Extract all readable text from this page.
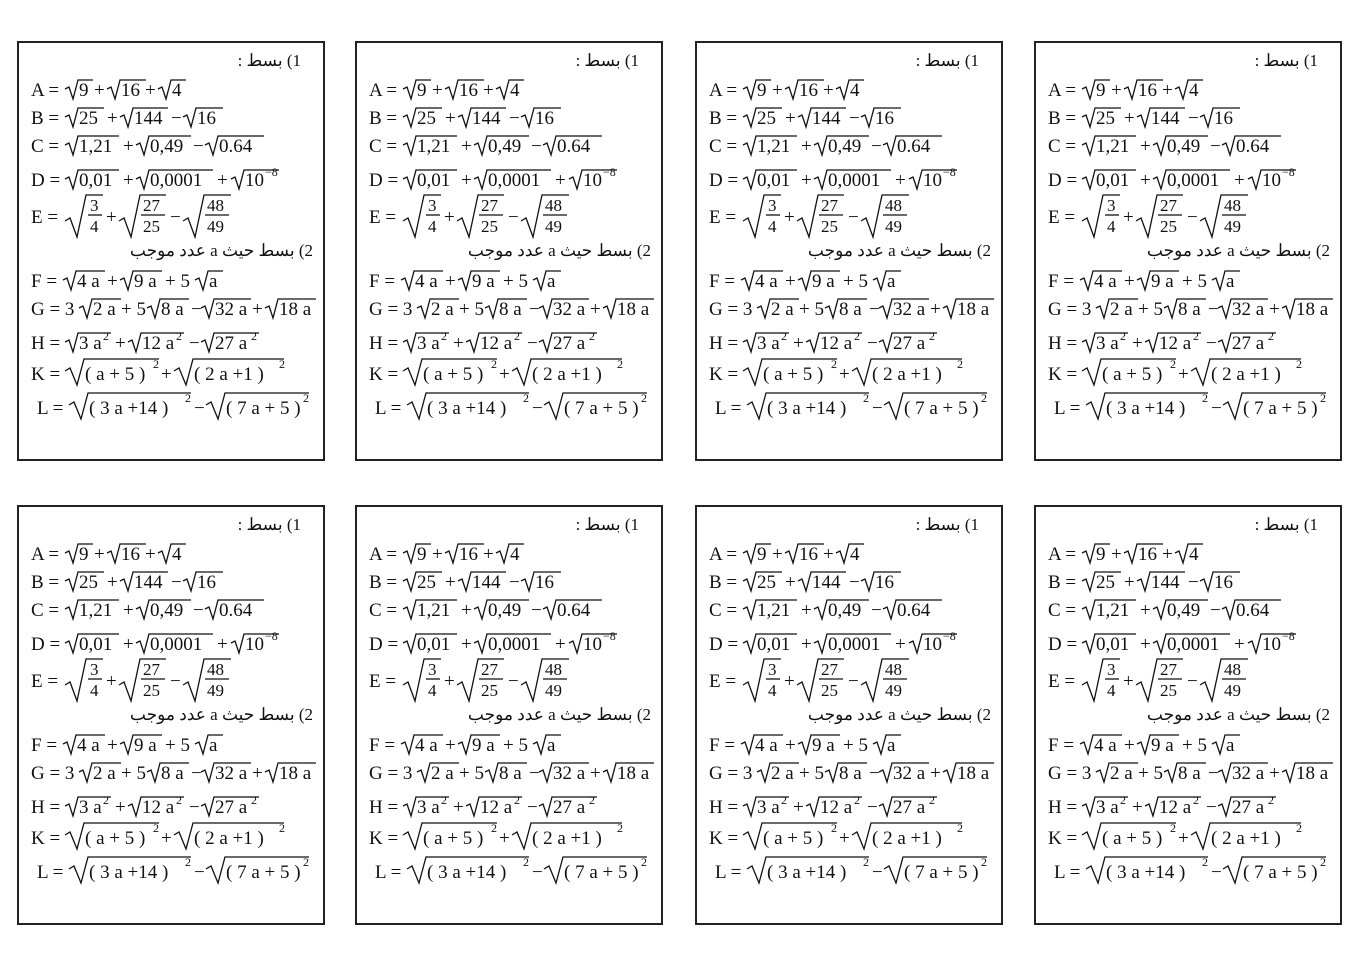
1) بسط :
A = 9 + 16 + 4
B = 25 + 144 − 16
C = 1,21 + 0,49 − 0.64
D = 0,01 + 0,0001 + 10 −8
E =
3
4 +
27
25 −
48
49
2) بسط حيث a عدد موجب
F = 4 a + 9 a + 5 a
G = 3 2 a + 5 8 a − 32 a + 18 a
H = 3 a 2 + 12 a 2 − 27 a 2
K = ( a + 5 ) 2 + ( 2 a +1 ) 2
L = ( 3 a +14 ) 2 − ( 7 a + 5 ) 2
1) بسط :
A = 9 + 16 + 4
B = 25 + 144 − 16
C = 1,21 + 0,49 − 0.64
D = 0,01 + 0,0001 + 10 −8
E =
3
4 +
27
25 −
48
49
2) بسط حيث a عدد موجب
F = 4 a + 9 a + 5 a
G = 3 2 a + 5 8 a − 32 a + 18 a
H = 3 a 2 + 12 a 2 − 27 a 2
K = ( a + 5 ) 2 + ( 2 a +1 ) 2
L = ( 3 a +14 ) 2 − ( 7 a + 5 ) 2
1) بسط :
A = 9 + 16 + 4
B = 25 + 144 − 16
C = 1,21 + 0,49 − 0.64
D = 0,01 + 0,0001 + 10 −8
E =
3
4 +
27
25 −
48
49
2) بسط حيث a عدد موجب
F = 4 a + 9 a + 5 a
G = 3 2 a + 5 8 a − 32 a + 18 a
H = 3 a 2 + 12 a 2 − 27 a 2
K = ( a + 5 ) 2 + ( 2 a +1 ) 2
L = ( 3 a +14 ) 2 − ( 7 a + 5 ) 2
1) بسط :
A = 9 + 16 + 4
B = 25 + 144 − 16
C = 1,21 + 0,49 − 0.64
D = 0,01 + 0,0001 + 10 −8
E =
3
4 +
27
25 −
48
49
2) بسط حيث a عدد موجب
F = 4 a + 9 a + 5 a
G = 3 2 a + 5 8 a − 32 a + 18 a
H = 3 a 2 + 12 a 2 − 27 a 2
K = ( a + 5 ) 2 + ( 2 a +1 ) 2
L = ( 3 a +14 ) 2 − ( 7 a + 5 ) 2
1) بسط :
A = 9 + 16 + 4
B = 25 + 144 − 16
C = 1,21 + 0,49 − 0.64
D = 0,01 + 0,0001 + 10 −8
E =
3
4 +
27
25 −
48
49
2) بسط حيث a عدد موجب
F = 4 a + 9 a + 5 a
G = 3 2 a + 5 8 a − 32 a + 18 a
H = 3 a 2 + 12 a 2 − 27 a 2
K = ( a + 5 ) 2 + ( 2 a +1 ) 2
L = ( 3 a +14 ) 2 − ( 7 a + 5 ) 2
1) بسط :
A = 9 + 16 + 4
B = 25 + 144 − 16
C = 1,21 + 0,49 − 0.64
D = 0,01 + 0,0001 + 10 −8
E =
3
4 +
27
25 −
48
49
2) بسط حيث a عدد موجب
F = 4 a + 9 a + 5 a
G = 3 2 a + 5 8 a − 32 a + 18 a
H = 3 a 2 + 12 a 2 − 27 a 2
K = ( a + 5 ) 2 + ( 2 a +1 ) 2
L = ( 3 a +14 ) 2 − ( 7 a + 5 ) 2
1) بسط :
A = 9 + 16 + 4
B = 25 + 144 − 16
C = 1,21 + 0,49 − 0.64
D = 0,01 + 0,0001 + 10 −8
E =
3
4 +
27
25 −
48
49
2) بسط حيث a عدد موجب
F = 4 a + 9 a + 5 a
G = 3 2 a + 5 8 a − 32 a + 18 a
H = 3 a 2 + 12 a 2 − 27 a 2
K = ( a + 5 ) 2 + ( 2 a +1 ) 2
L = ( 3 a +14 ) 2 − ( 7 a + 5 ) 2
1) بسط :
A = 9 + 16 + 4
B = 25 + 144 − 16
C = 1,21 + 0,49 − 0.64
D = 0,01 + 0,0001 + 10 −8
E =
3
4 +
27
25 −
48
49
2) بسط حيث a عدد موجب
F = 4 a + 9 a + 5 a
G = 3 2 a + 5 8 a − 32 a + 18 a
H = 3 a 2 + 12 a 2 − 27 a 2
K = ( a + 5 ) 2 + ( 2 a +1 ) 2
L = ( 3 a +14 ) 2 − ( 7 a + 5 ) 2
